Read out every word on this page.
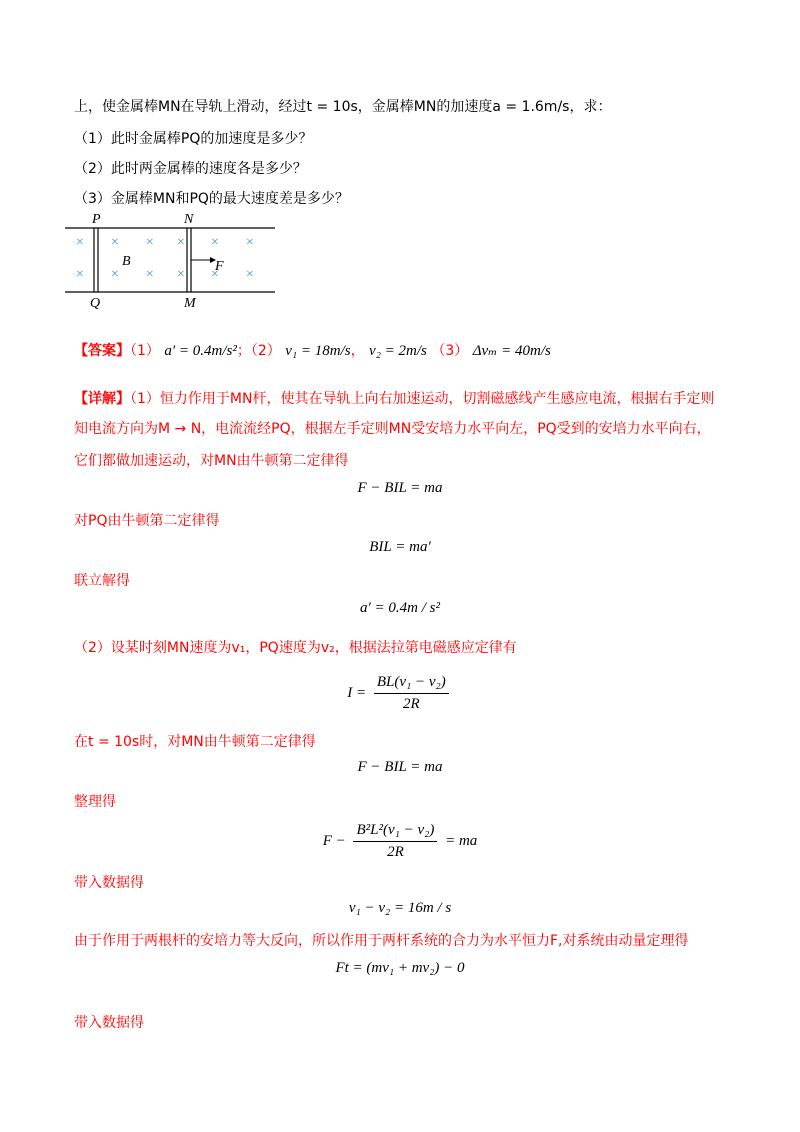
上，使金属棒MN在导轨上滑动，经过t = 10s，金属棒MN的加速度a = 1.6m/s，求：
（1）此时金属棒PQ的加速度是多少？
（2）此时两金属棒的速度各是多少？
（3）金属棒MN和PQ的最大速度差是多少？
×
×
×
×
×
×
×
×
×
×
×
×
P	N
Q	M
B	F
【答案】（1） a′ = 0.4m/s²；（2） v₁ = 18m/s， v₂ = 2m/s （3） Δvₘ = 40m/s
【详解】（1）恒力作用于MN杆，使其在导轨上向右加速运动，切割磁感线产生感应电流，根据右手定则
知电流方向为M → N，电流流经PQ，根据左手定则MN受安培力水平向左，PQ受到的安培力水平向右，
它们都做加速运动，对MN由牛顿第二定律得
F − BIL = ma
对PQ由牛顿第二定律得
BIL = ma′
联立解得
a′ = 0.4m / s²
（2）设某时刻MN速度为v₁，PQ速度为v₂，根据法拉第电磁感应定律有
$I = \frac{\text{BL(v₁ − v₂)}}{2R}$
在t = 10s时，对MN由牛顿第二定律得
F − BIL = ma
整理得
$F - \frac{\text{B²L²(v₁ − v₂)}}{2R}$ = ma
带入数据得
v₁ − v₂ = 16m / s
由于作用于两根杆的安培力等大反向，所以作用于两杆系统的合力为水平恒力F,对系统由动量定理得
Ft = (mv₁ + mv₂) − 0
带入数据得
